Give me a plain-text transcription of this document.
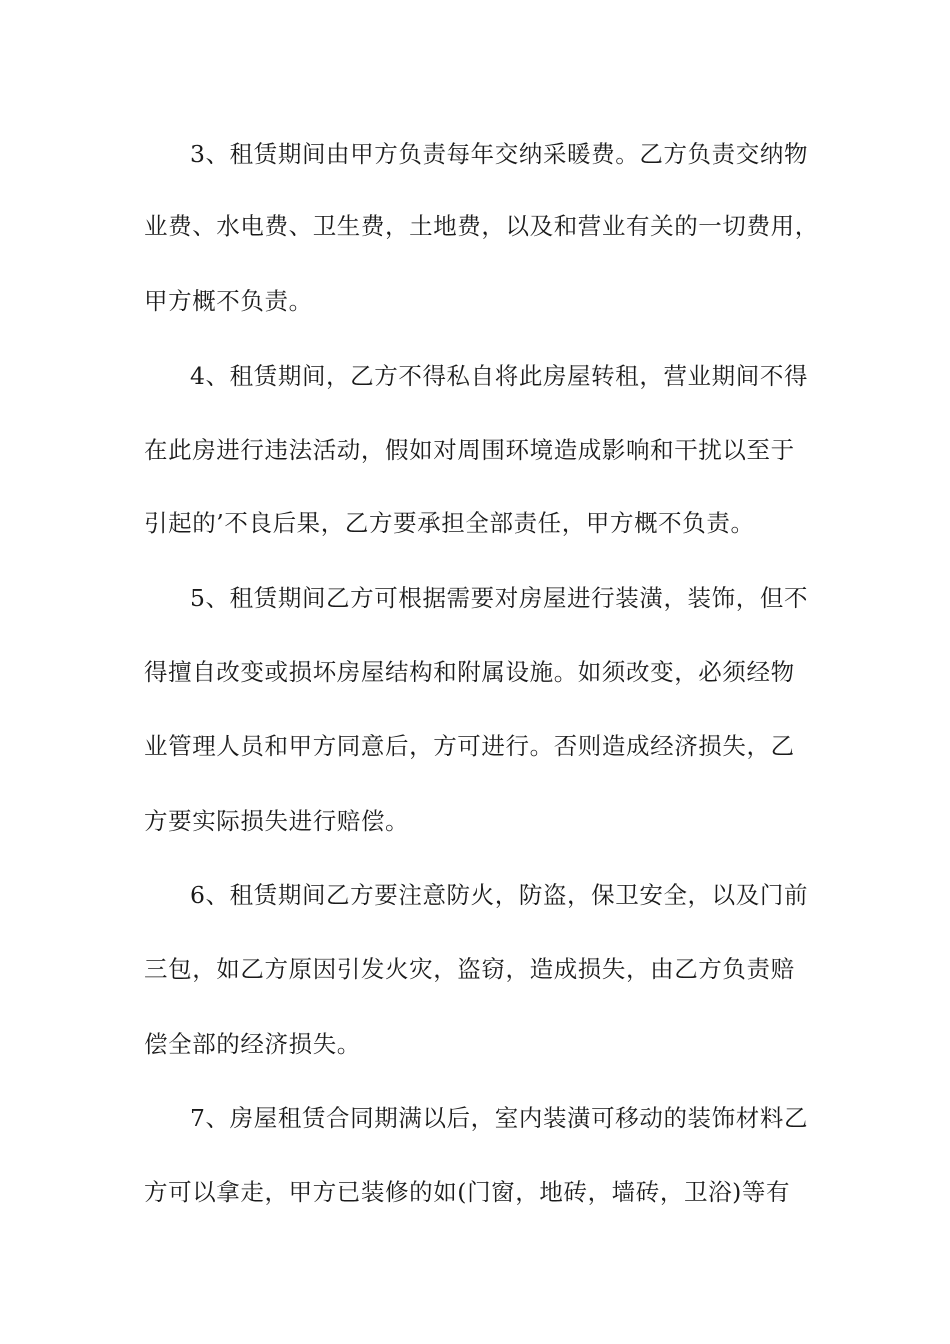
3、租赁期间由甲方负责每年交纳采暖费。乙方负责交纳物
业费、水电费、卫生费，土地费，以及和营业有关的一切费用，
甲方概不负责。
4、租赁期间，乙方不得私自将此房屋转租，营业期间不得
在此房进行违法活动，假如对周围环境造成影响和干扰以至于
引起的’不良后果，乙方要承担全部责任，甲方概不负责。
5、租赁期间乙方可根据需要对房屋进行装潢，装饰，但不
得擅自改变或损坏房屋结构和附属设施。如须改变，必须经物
业管理人员和甲方同意后，方可进行。否则造成经济损失，乙
方要实际损失进行赔偿。
6、租赁期间乙方要注意防火，防盗，保卫安全，以及门前
三包，如乙方原因引发火灾，盗窃，造成损失，由乙方负责赔
偿全部的经济损失。
7、房屋租赁合同期满以后，室内装潢可移动的装饰材料乙
方可以拿走，甲方已装修的如(门窗，地砖，墙砖，卫浴)等有
